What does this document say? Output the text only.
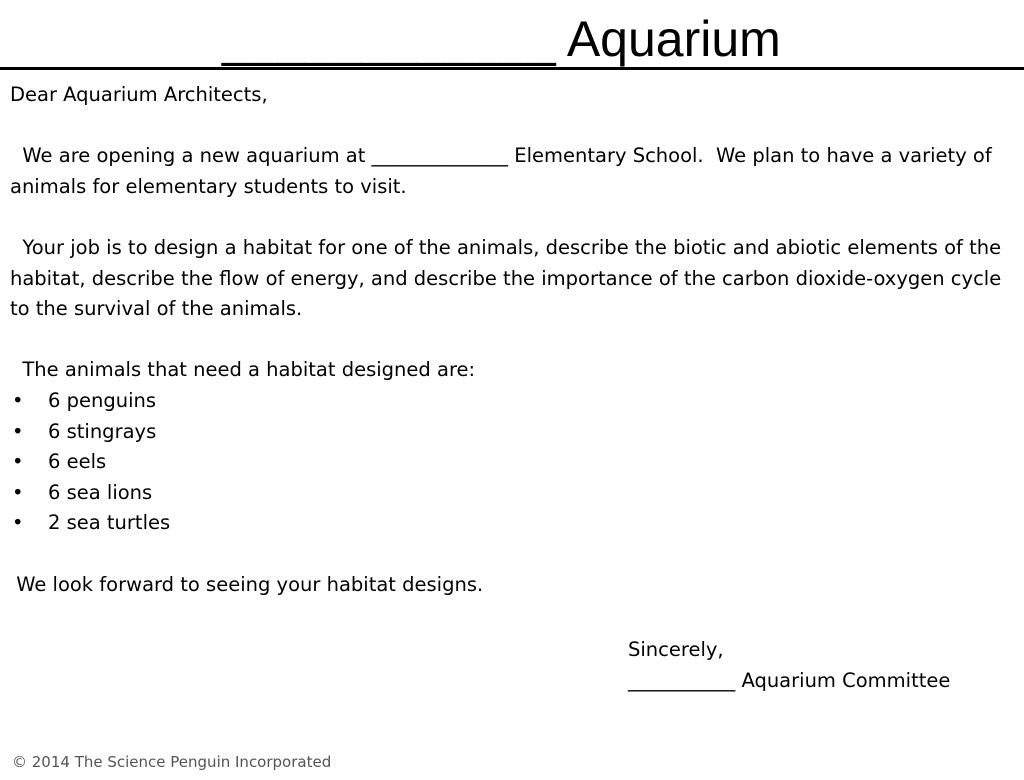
____________ Aquarium
Dear Aquarium Architects,
We are opening a new aquarium at ______________ Elementary School.  We plan to have a variety of animals for elementary students to visit.
Your job is to design a habitat for one of the animals, describe the biotic and abiotic elements of the habitat, describe the flow of energy, and describe the importance of the carbon dioxide-oxygen cycle to the survival of the animals.
The animals that need a habitat designed are:
•	6 penguins
•	6 stingrays
•	6 eels
•	6 sea lions
•	2 sea turtles
We look forward to seeing your habitat designs.
Sincerely,
___________ Aquarium Committee
© 2014 The Science Penguin Incorporated
